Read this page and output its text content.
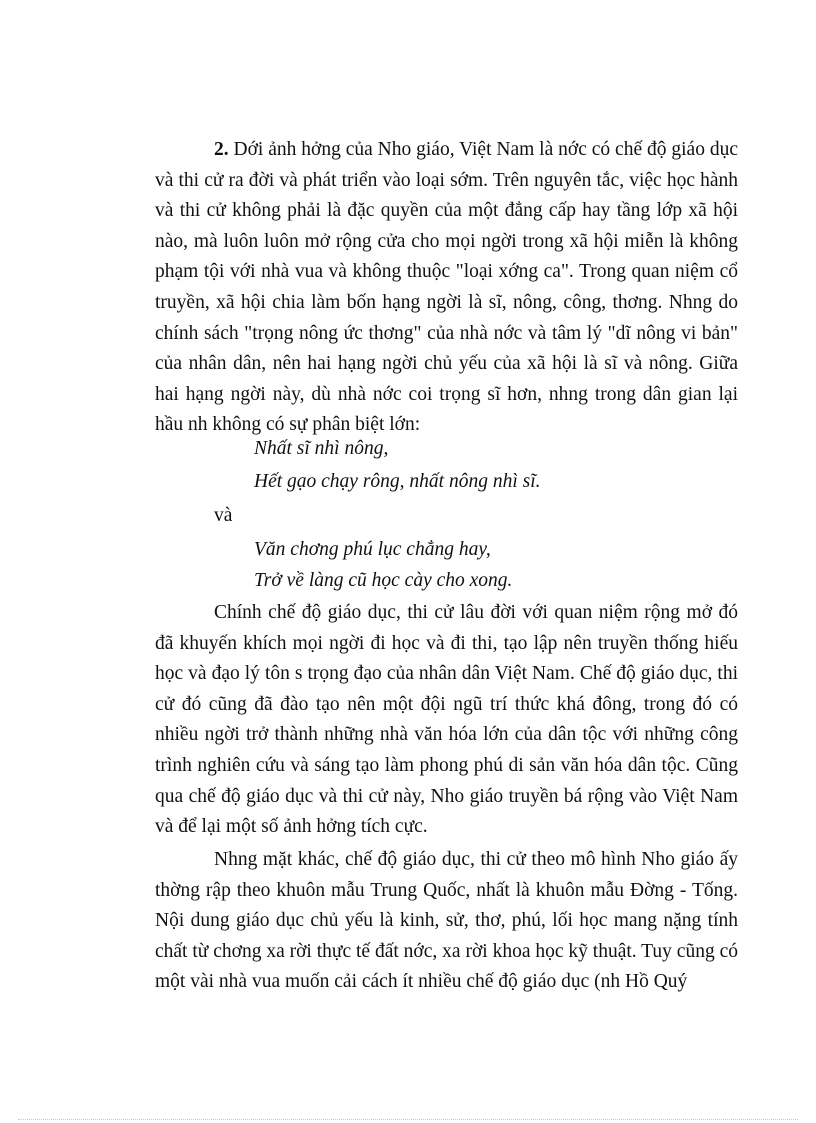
2. Dới ảnh hởng của Nho giáo, Việt Nam là nớc có chế độ giáo dục và thi cử ra đời và phát triển vào loại sớm. Trên nguyên tắc, việc học hành và thi cử không phải là đặc quyền của một đẳng cấp hay tầng lớp xã hội nào, mà luôn luôn mở rộng cửa cho mọi ngời trong xã hội miễn là không phạm tội với nhà vua và không thuộc "loại xớng ca". Trong quan niệm cổ truyền, xã hội chia làm bốn hạng ngời là sĩ, nông, công, thơng. Nhng do chính sách "trọng nông ức thơng" của nhà nớc và tâm lý "dĩ nông vi bản" của nhân dân, nên hai hạng ngời chủ yếu của xã hội là sĩ và nông. Giữa hai hạng ngời này, dù nhà nớc coi trọng sĩ hơn, nhng trong dân gian lại hầu nh không có sự phân biệt lớn:

Nhất sĩ nhì nông,

Hết gạo chạy rông, nhất nông nhì sĩ.

và

Văn chơng phú lục chẳng hay,

Trở về làng cũ học cày cho xong.

Chính chế độ giáo dục, thi cử lâu đời với quan niệm rộng mở đó đã khuyến khích mọi ngời đi học và đi thi, tạo lập nên truyền thống hiếu học và đạo lý tôn s trọng đạo của nhân dân Việt Nam. Chế độ giáo dục, thi cử đó cũng đã đào tạo nên một đội ngũ trí thức khá đông, trong đó có nhiều ngời trở thành những nhà văn hóa lớn của dân tộc với những công trình nghiên cứu và sáng tạo làm phong phú di sản văn hóa dân tộc. Cũng qua chế độ giáo dục và thi cử này, Nho giáo truyền bá rộng vào Việt Nam và để lại một số ảnh hởng tích cực.

Nhng mặt khác, chế độ giáo dục, thi cử theo mô hình Nho giáo ấy thờng rập theo khuôn mẫu Trung Quốc, nhất là khuôn mẫu Đờng - Tống. Nội dung giáo dục chủ yếu là kinh, sử, thơ, phú, lối học mang nặng tính chất từ chơng xa rời thực tế đất nớc, xa rời khoa học kỹ thuật. Tuy cũng có một vài nhà vua muốn cải cách ít nhiều chế độ giáo dục (nh Hồ Quý
